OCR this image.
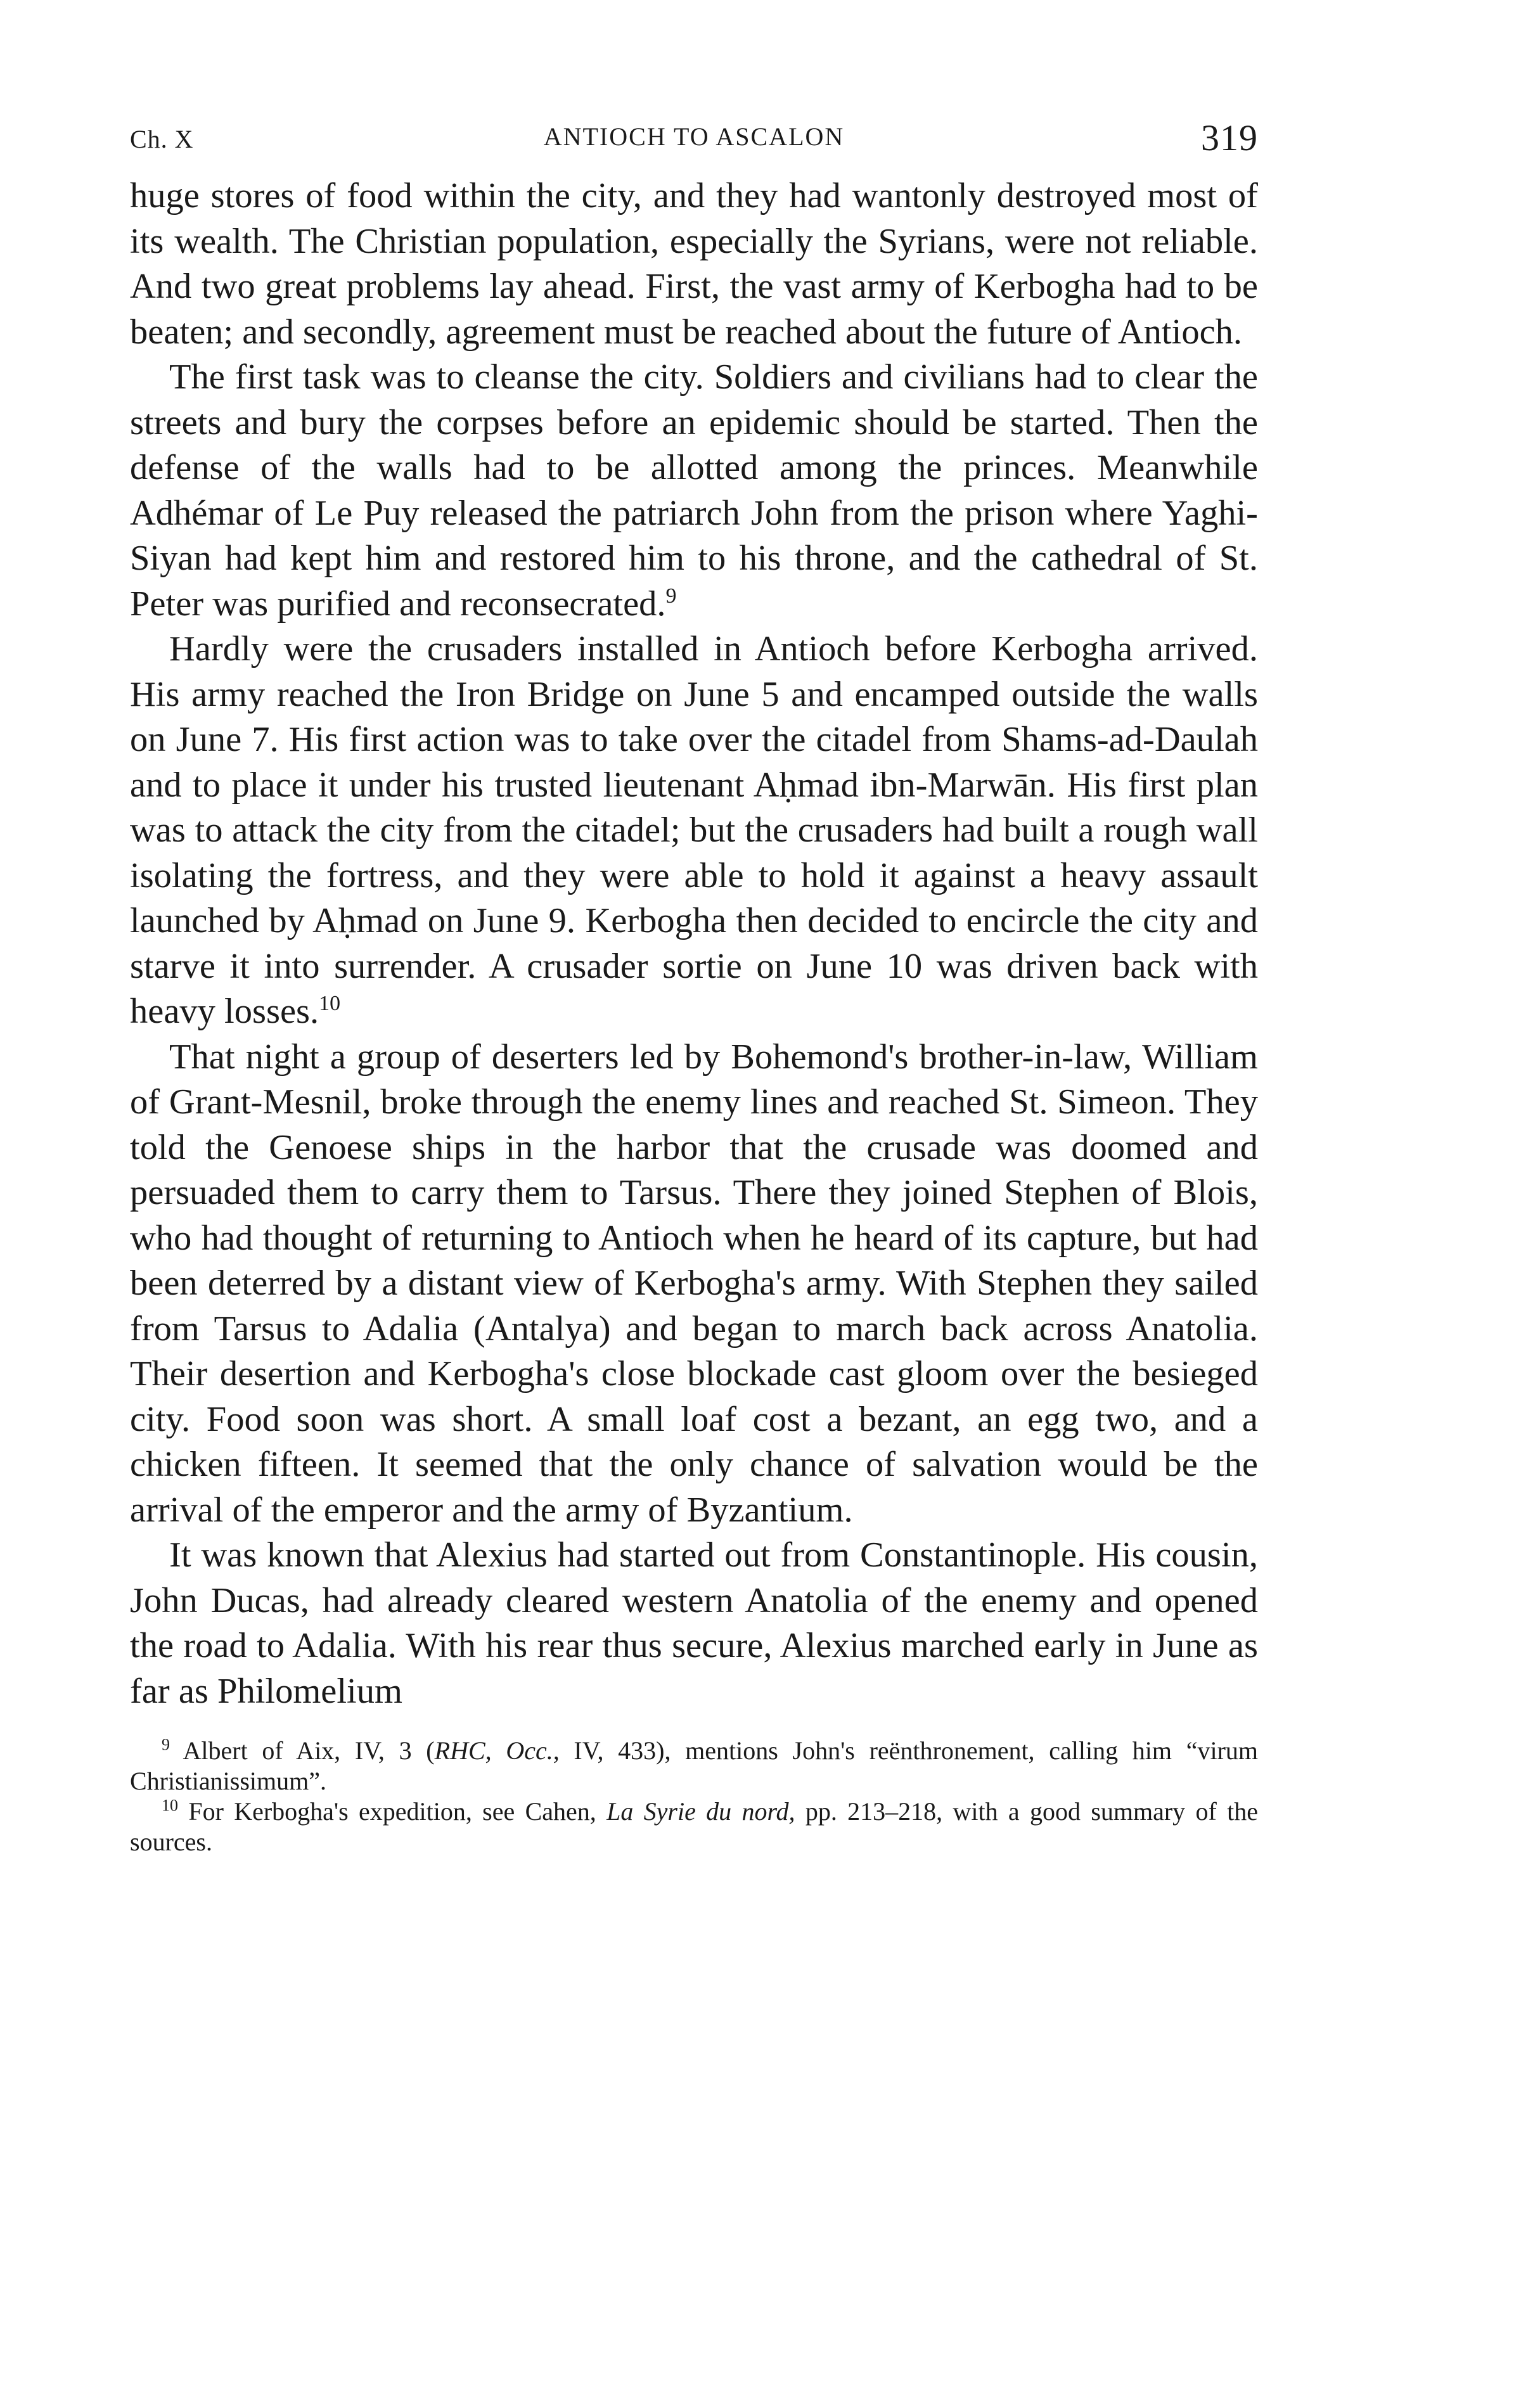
Ch. X	ANTIOCH TO ASCALON	319

huge stores of food within the city, and they had wantonly destroyed most of its wealth. The Christian population, especially the Syrians, were not reliable. And two great problems lay ahead. First, the vast army of Kerbogha had to be beaten; and secondly, agreement must be reached about the future of Antioch.

The first task was to cleanse the city. Soldiers and civilians had to clear the streets and bury the corpses before an epidemic should be started. Then the defense of the walls had to be allotted among the princes. Meanwhile Adhémar of Le Puy released the patriarch John from the prison where Yaghi-Siyan had kept him and restored him to his throne, and the cathedral of St. Peter was purified and reconsecrated.$^9$

Hardly were the crusaders installed in Antioch before Kerbogha arrived. His army reached the Iron Bridge on June 5 and encamped outside the walls on June 7. His first action was to take over the citadel from Shams-ad-Daulah and to place it under his trusted lieutenant Aḥmad ibn-Marwān. His first plan was to attack the city from the citadel; but the crusaders had built a rough wall isolating the fortress, and they were able to hold it against a heavy assault launched by Aḥmad on June 9. Kerbogha then decided to encircle the city and starve it into surrender. A crusader sortie on June 10 was driven back with heavy losses.$^{10}$

That night a group of deserters led by Bohemond's brother-in-law, William of Grant-Mesnil, broke through the enemy lines and reached St. Simeon. They told the Genoese ships in the harbor that the crusade was doomed and persuaded them to carry them to Tarsus. There they joined Stephen of Blois, who had thought of returning to Antioch when he heard of its capture, but had been deterred by a distant view of Kerbogha's army. With Stephen they sailed from Tarsus to Adalia (Antalya) and began to march back across Anatolia. Their desertion and Kerbogha's close blockade cast gloom over the besieged city. Food soon was short. A small loaf cost a bezant, an egg two, and a chicken fifteen. It seemed that the only chance of salvation would be the arrival of the emperor and the army of Byzantium.

It was known that Alexius had started out from Constantinople. His cousin, John Ducas, had already cleared western Anatolia of the enemy and opened the road to Adalia. With his rear thus secure, Alexius marched early in June as far as Philomelium

$^9$ Albert of Aix, IV, 3 (RHC, Occ., IV, 433), mentions John's reënthronement, calling him “virum Christianissimum”.

$^{10}$ For Kerbogha's expedition, see Cahen, La Syrie du nord, pp. 213–218, with a good summary of the sources.
